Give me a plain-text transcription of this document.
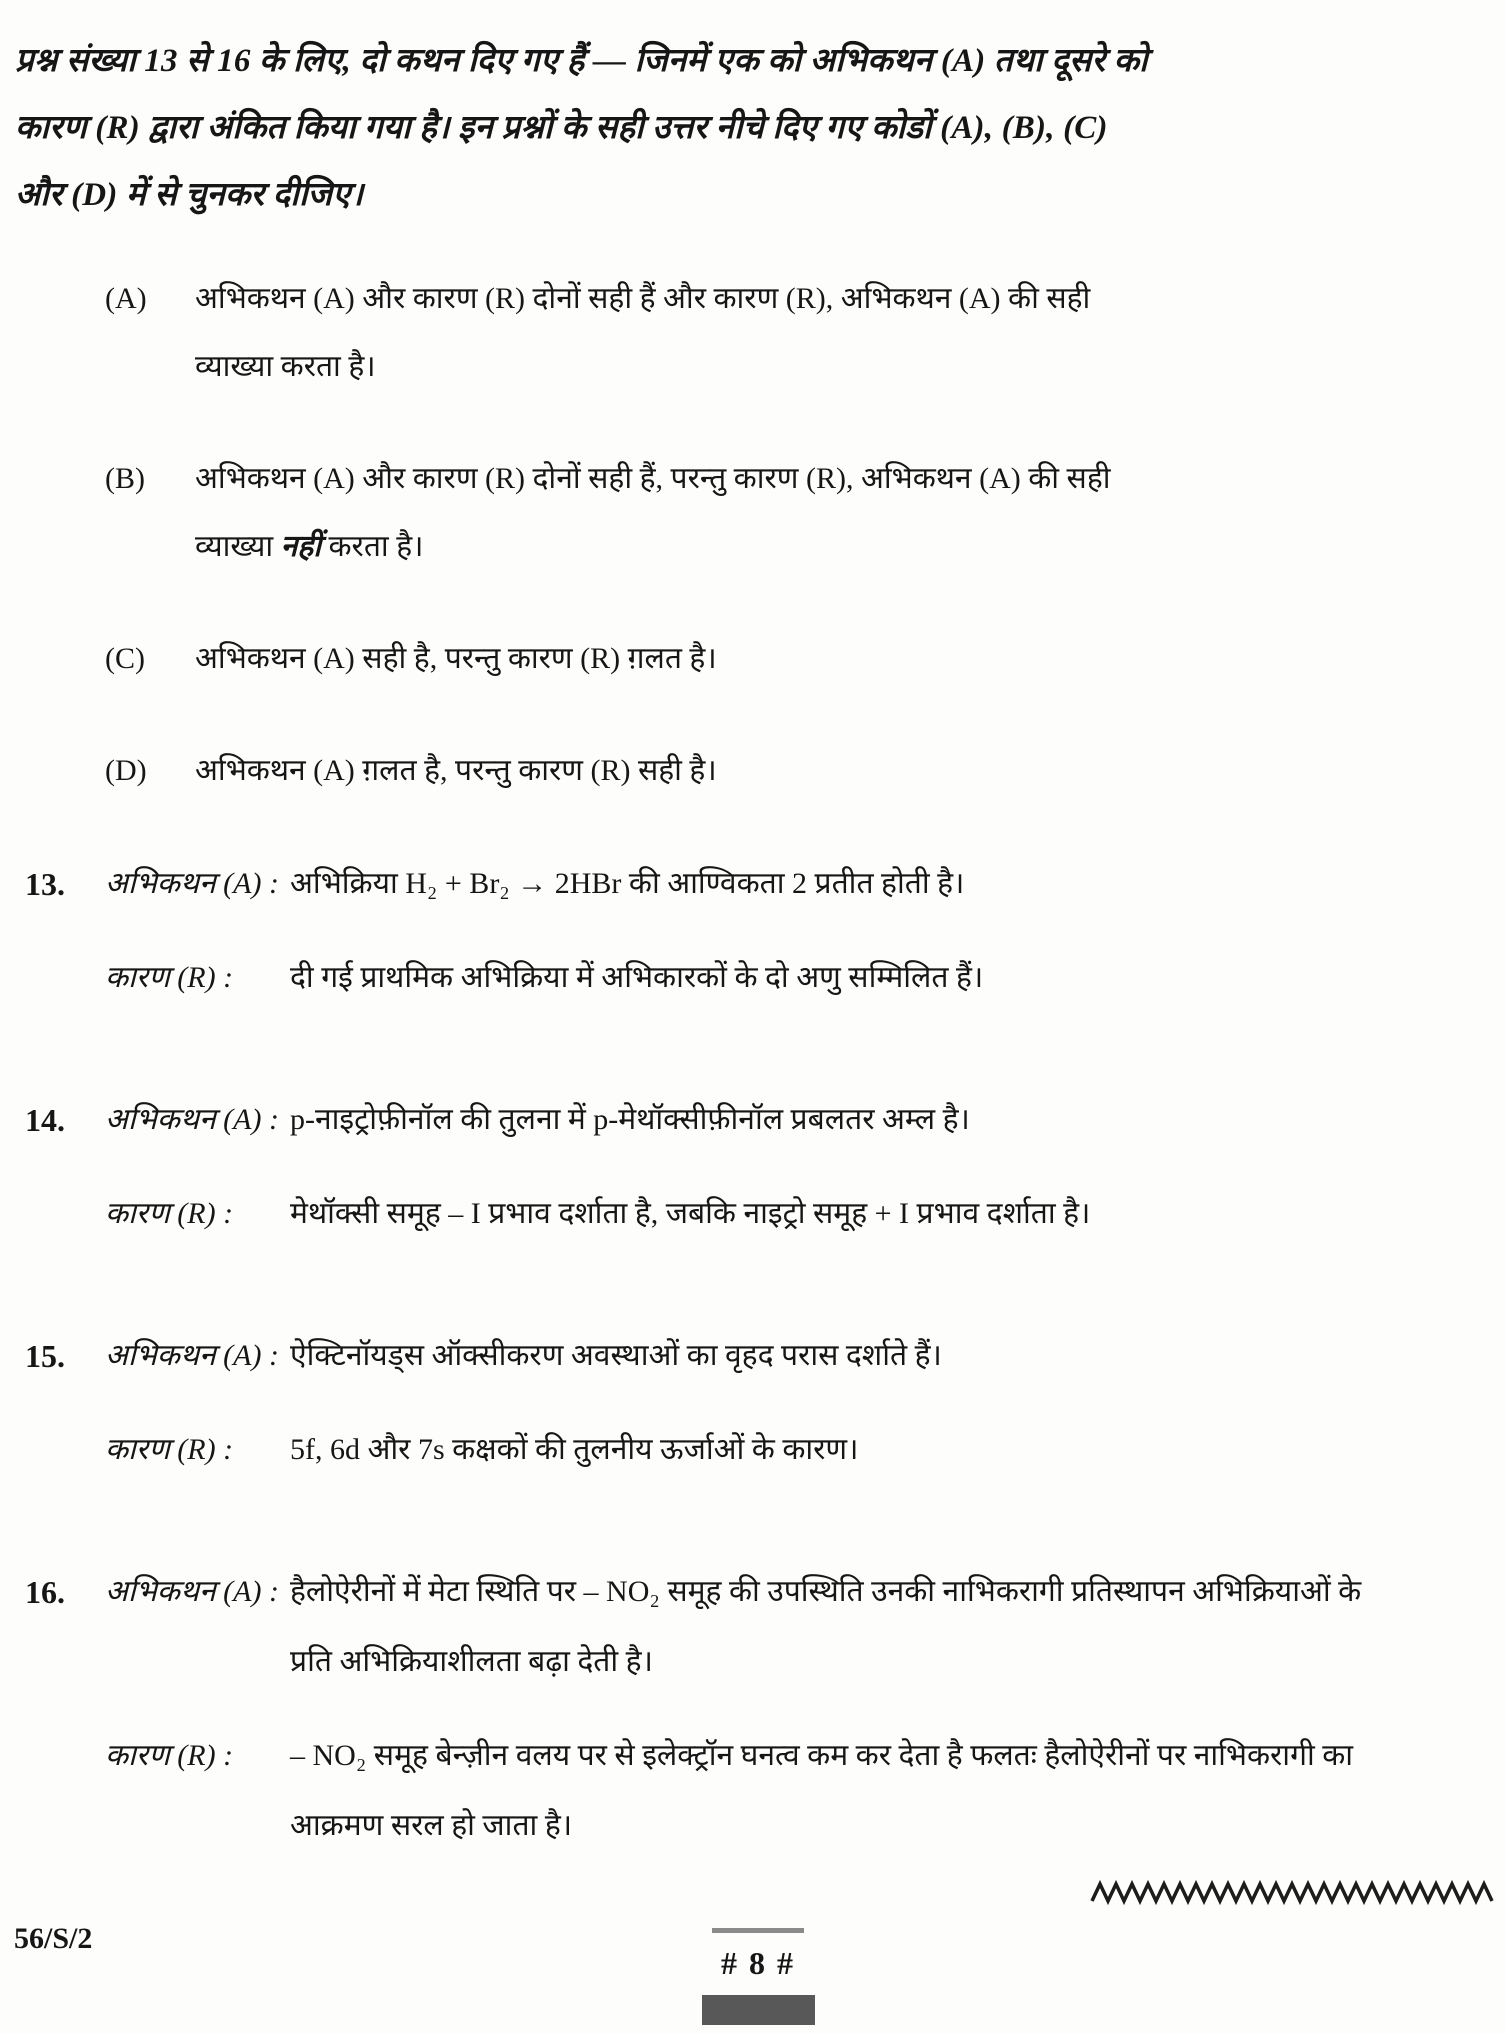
प्रश्न संख्या 13 से 16 के लिए, दो कथन दिए गए हैं — जिनमें एक को अभिकथन (A) तथा दूसरे को
कारण (R) द्वारा अंकित किया गया है। इन प्रश्नों के सही उत्तर नीचे दिए गए कोडों (A), (B), (C)
और (D) में से चुनकर दीजिए।
(A)	अभिकथन (A) और कारण (R) दोनों सही हैं और कारण (R), अभिकथन (A) की सही व्याख्या करता है।
(B)	अभिकथन (A) और कारण (R) दोनों सही हैं, परन्तु कारण (R), अभिकथन (A) की सही व्याख्या नहीं करता है।
(C)	अभिकथन (A) सही है, परन्तु कारण (R) ग़लत है।
(D)	अभिकथन (A) ग़लत है, परन्तु कारण (R) सही है।
13.	अभिकथन (A) : अभिक्रिया H₂ + Br₂ → 2HBr की आण्विकता 2 प्रतीत होती है।
कारण (R) :	दी गई प्राथमिक अभिक्रिया में अभिकारकों के दो अणु सम्मिलित हैं।
14.	अभिकथन (A) : p-नाइट्रोफ़ीनॉल की तुलना में p-मेथॉक्सीफ़ीनॉल प्रबलतर अम्ल है।
कारण (R) :	मेथॉक्सी समूह – I प्रभाव दर्शाता है, जबकि नाइट्रो समूह + I प्रभाव दर्शाता है।
15.	अभिकथन (A) : ऐक्टिनॉयड्स ऑक्सीकरण अवस्थाओं का वृहद परास दर्शाते हैं।
कारण (R) :	5f, 6d और 7s कक्षकों की तुलनीय ऊर्जाओं के कारण।
16.	अभिकथन (A) : हैलोऐरीनों में मेटा स्थिति पर – NO₂ समूह की उपस्थिति उनकी नाभिकरागी प्रतिस्थापन अभिक्रियाओं के प्रति अभिक्रियाशीलता बढ़ा देती है।
कारण (R) :	– NO₂ समूह बेन्ज़ीन वलय पर से इलेक्ट्रॉन घनत्व कम कर देता है फलतः हैलोऐरीनों पर नाभिकरागी का आक्रमण सरल हो जाता है।
56/S/2
# 8 #
